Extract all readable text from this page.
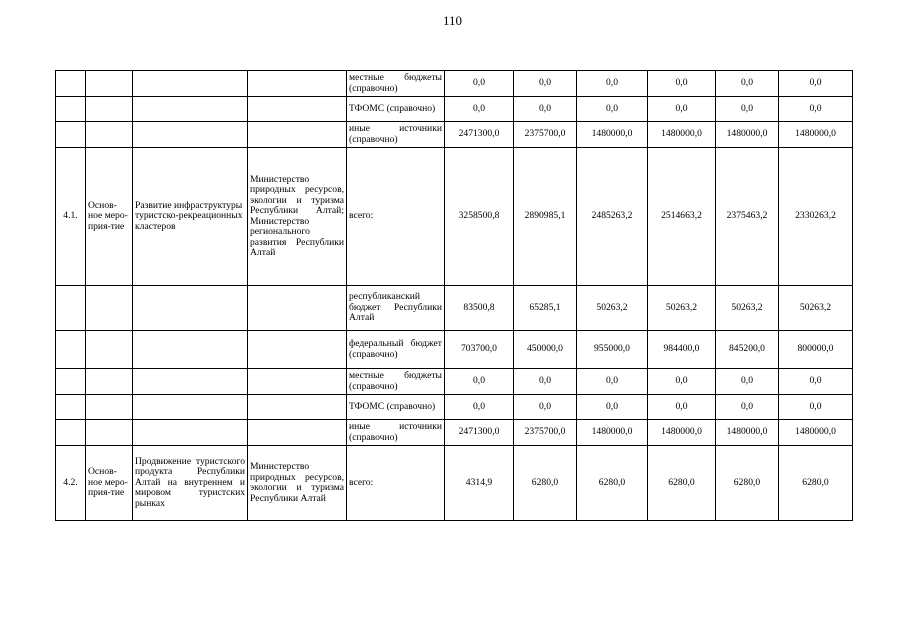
110
				местные бюджеты (справочно)	0,0	0,0	0,0	0,0	0,0	0,0
				ТФОМС (справочно)	0,0	0,0	0,0	0,0	0,0	0,0
				иные источники (справочно)	2471300,0	2375700,0	1480000,0	1480000,0	1480000,0	1480000,0
4.1.	Основ-ное меро-прия-тие	Развитие инфраструктуры туристско-рекреационных кластеров	Министерство природных ресурсов, экологии и туризма Республики Алтай; Министерство регионального развития Республики Алтай	всего:	3258500,8	2890985,1	2485263,2	2514663,2	2375463,2	2330263,2
				республиканский бюджет Республики Алтай	83500,8	65285,1	50263,2	50263,2	50263,2	50263,2
				федеральный бюджет (справочно)	703700,0	450000,0	955000,0	984400,0	845200,0	800000,0
				местные бюджеты (справочно)	0,0	0,0	0,0	0,0	0,0	0,0
				ТФОМС (справочно)	0,0	0,0	0,0	0,0	0,0	0,0
				иные источники (справочно)	2471300,0	2375700,0	1480000,0	1480000,0	1480000,0	1480000,0
4.2.	Основ-ное меро-прия-тие	Продвижение туристского продукта Республики Алтай на внутреннем и мировом туристских рынках	Министерство природных ресурсов, экологии и туризма Республики Алтай	всего:	4314,9	6280,0	6280,0	6280,0	6280,0	6280,0
